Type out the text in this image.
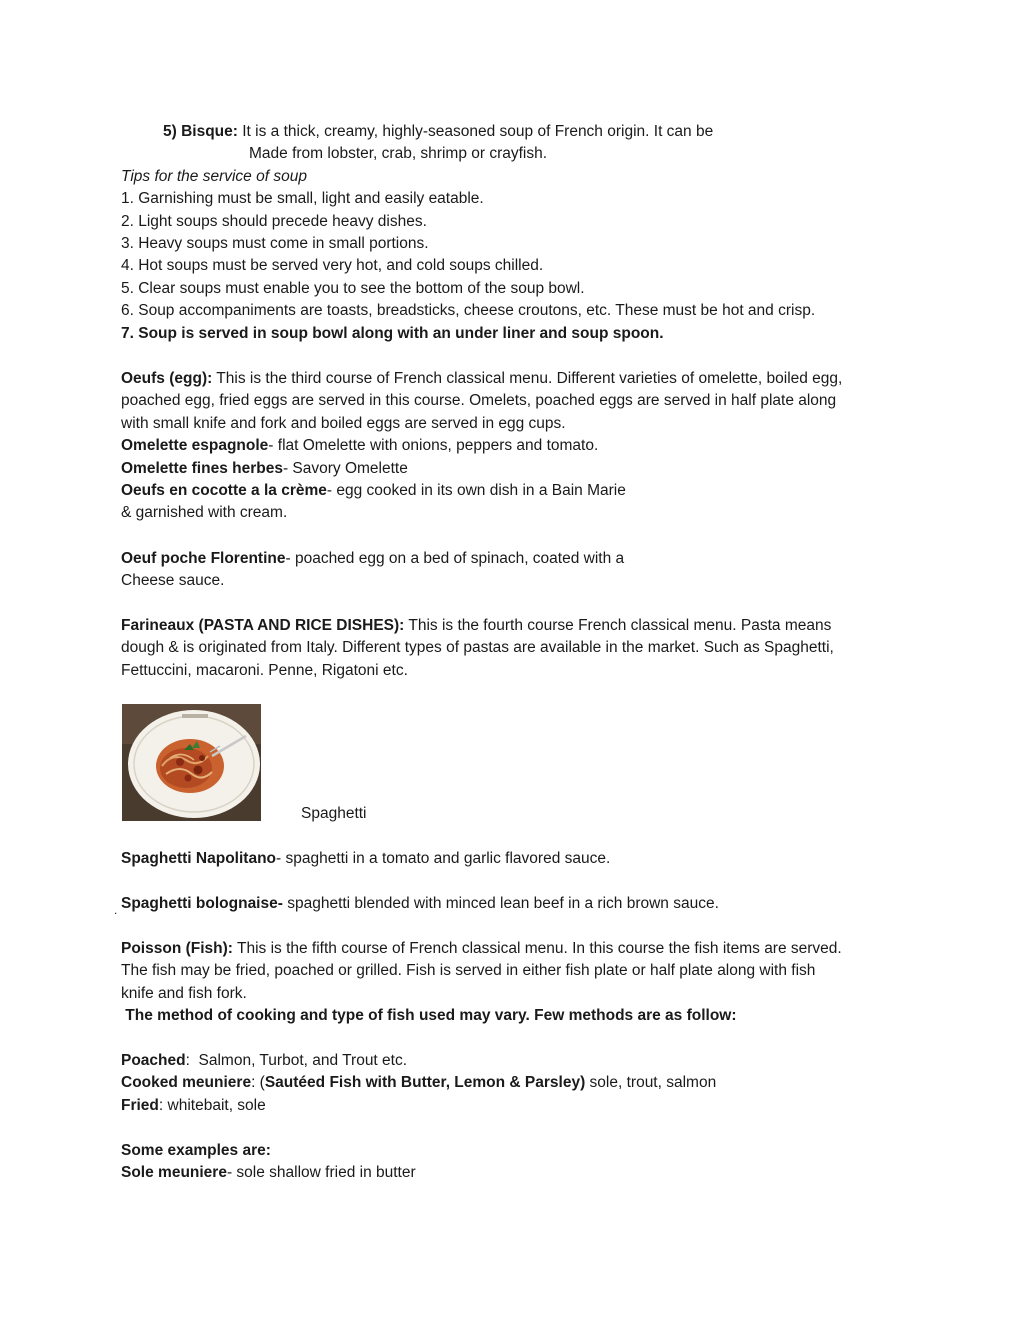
5) Bisque: It is a thick, creamy, highly-seasoned soup of French origin. It can be
Made from lobster, crab, shrimp or crayfish.
Tips for the service of soup
1. Garnishing must be small, light and easily eatable.
2. Light soups should precede heavy dishes.
3. Heavy soups must come in small portions.
4. Hot soups must be served very hot, and cold soups chilled.
5. Clear soups must enable you to see the bottom of the soup bowl.
6. Soup accompaniments are toasts, breadsticks, cheese croutons, etc. These must be hot and crisp.
7. Soup is served in soup bowl along with an under liner and soup spoon.
Oeufs (egg): This is the third course of French classical menu. Different varieties of omelette, boiled egg,
poached egg, fried eggs are served in this course. Omelets, poached eggs are served in half plate along
with small knife and fork and boiled eggs are served in egg cups.
Omelette espagnole- flat Omelette with onions, peppers and tomato.
Omelette fines herbes- Savory Omelette
Oeufs en cocotte a la crème- egg cooked in its own dish in a Bain Marie
& garnished with cream.
Oeuf poche Florentine- poached egg on a bed of spinach, coated with a
Cheese sauce.
Farineaux (PASTA AND RICE DISHES): This is the fourth course French classical menu. Pasta means
dough & is originated from Italy. Different types of pastas are available in the market. Such as Spaghetti,
Fettuccini, macaroni. Penne, Rigatoni etc.
Spaghetti
Spaghetti Napolitano- spaghetti in a tomato and garlic flavored sauce.
. Spaghetti bolognaise- spaghetti blended with minced lean beef in a rich brown sauce.
Poisson (Fish): This is the fifth course of French classical menu. In this course the fish items are served.
The fish may be fried, poached or grilled. Fish is served in either fish plate or half plate along with fish
knife and fish fork.
The method of cooking and type of fish used may vary. Few methods are as follow:
Poached:  Salmon, Turbot, and Trout etc.
Cooked meuniere: (Sautéed Fish with Butter, Lemon & Parsley) sole, trout, salmon
Fried: whitebait, sole
Some examples are:
Sole meuniere- sole shallow fried in butter
